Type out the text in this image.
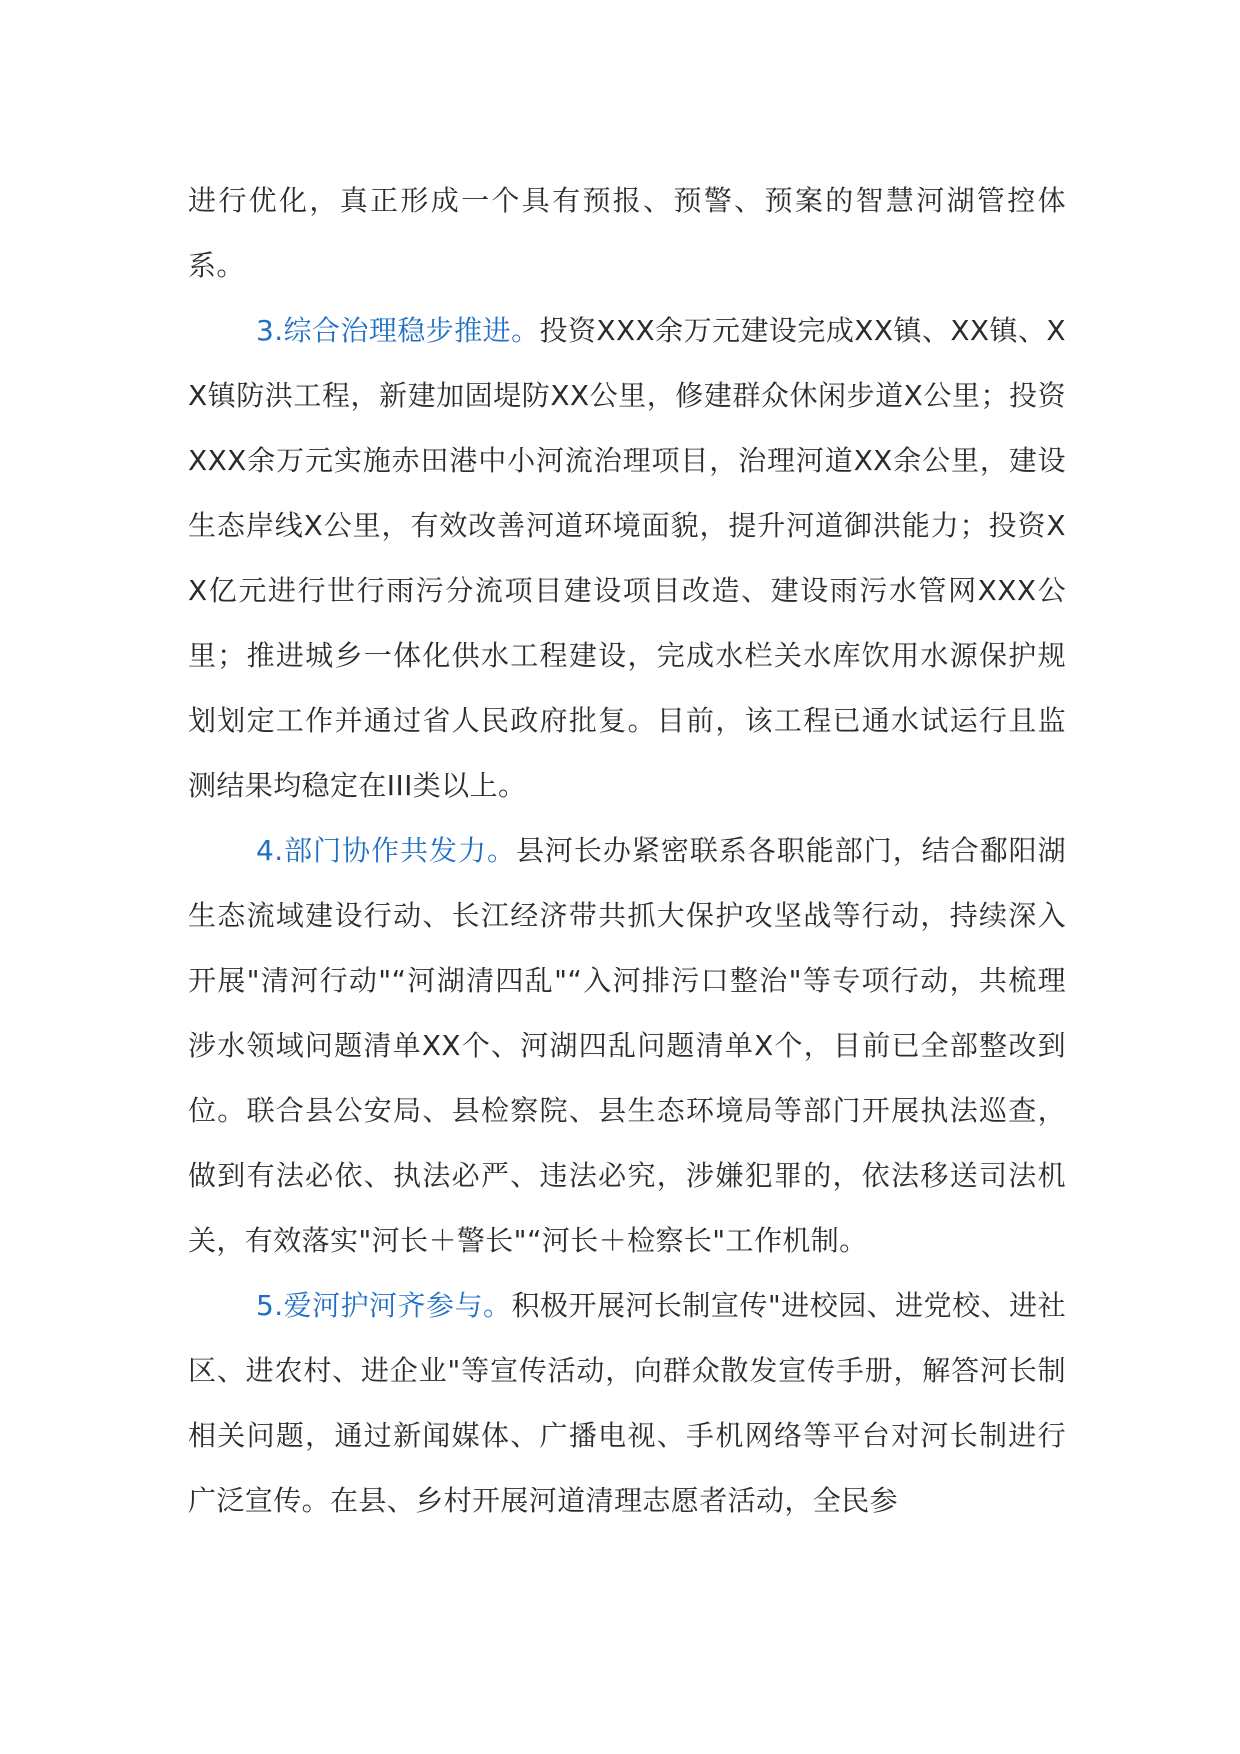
进行优化，真正形成一个具有预报、预警、预案的智慧河湖管控体系。

3.综合治理稳步推进。投资XXX余万元建设完成XX镇、XX镇、XX镇防洪工程，新建加固堤防XX公里，修建群众休闲步道X公里；投资XXX余万元实施赤田港中小河流治理项目，治理河道XX余公里，建设生态岸线X公里，有效改善河道环境面貌，提升河道御洪能力；投资XX亿元进行世行雨污分流项目建设项目改造、建设雨污水管网XXX公里；推进城乡一体化供水工程建设，完成水栏关水库饮用水源保护规划划定工作并通过省人民政府批复。目前，该工程已通水试运行且监测结果均稳定在III类以上。

4.部门协作共发力。县河长办紧密联系各职能部门，结合鄱阳湖生态流域建设行动、长江经济带共抓大保护攻坚战等行动，持续深入开展"清河行动"“河湖清四乱"“入河排污口整治"等专项行动，共梳理涉水领域问题清单XX个、河湖四乱问题清单X个，目前已全部整改到位。联合县公安局、县检察院、县生态环境局等部门开展执法巡查，做到有法必依、执法必严、违法必究，涉嫌犯罪的，依法移送司法机关，有效落实"河长＋警长"“河长＋检察长"工作机制。

5.爱河护河齐参与。积极开展河长制宣传"进校园、进党校、进社区、进农村、进企业"等宣传活动，向群众散发宣传手册，解答河长制相关问题，通过新闻媒体、广播电视、手机网络等平台对河长制进行广泛宣传。在县、乡村开展河道清理志愿者活动，全民参
